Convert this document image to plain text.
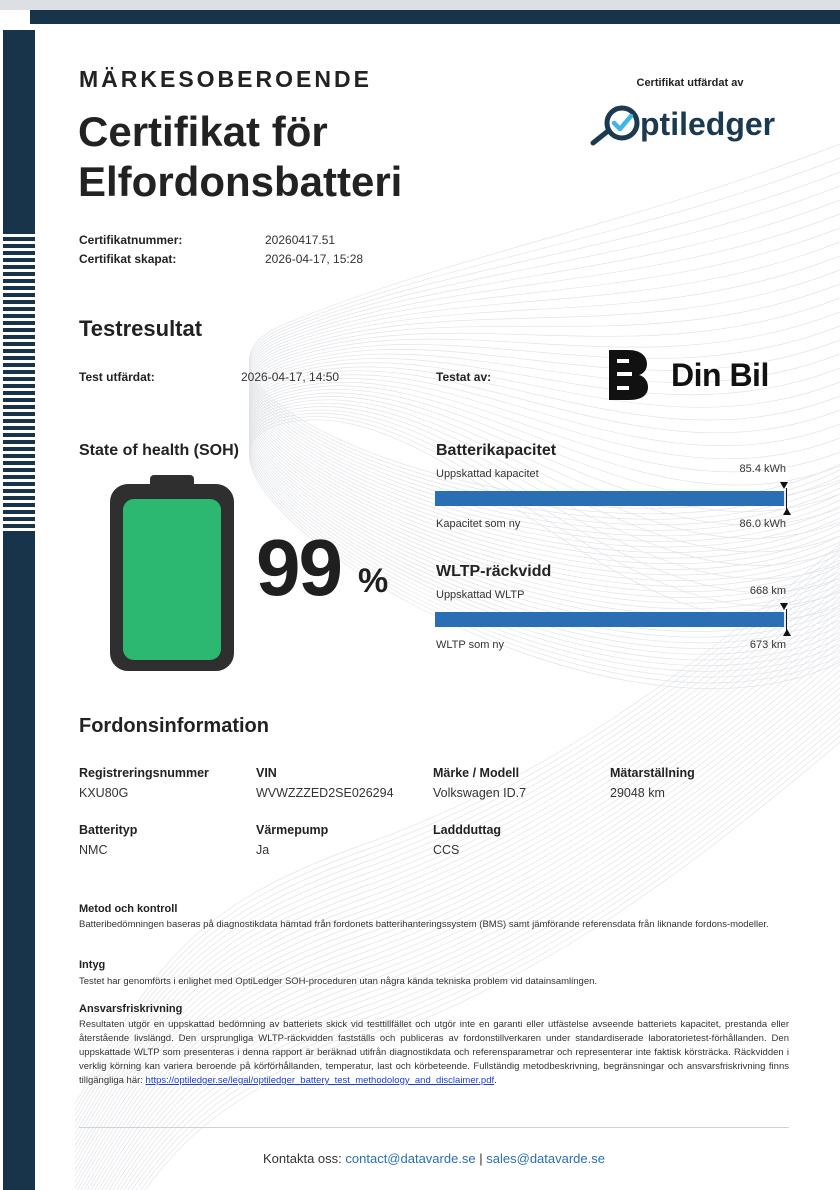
MÄRKESOBEROENDE
Certifikat för
Elfordonsbatteri
Certifikat utfärdat av
ptiledger
Certifikatnummer:	20260417.51
Certifikat skapat:	2026-04-17, 15:28
Testresultat
Test utfärdat:	2026-04-17, 14:50	Testat av:	Din Bil
State of health (SOH)
99 %
Batterikapacitet
Uppskattad kapacitet	85.4 kWh
Kapacitet som ny	86.0 kWh
WLTP-räckvidd
Uppskattad WLTP	668 km
WLTP som ny	673 km
Fordonsinformation
Registreringsnummer
KXU80G
VIN
WVWZZZED2SE026294
Märke / Modell
Volkswagen ID.7
Mätarställning
29048 km
Batterityp
NMC
Värmepump
Ja
Laddduttag
CCS
Metod och kontroll
Batteribedömningen baseras på diagnostikdata hämtad från fordonets batterihanteringssystem (BMS) samt jämförande referensdata från liknande fordons-modeller.
Intyg
Testet har genomförts i enlighet med OptiLedger SOH-proceduren utan några kända tekniska problem vid datainsamlingen.
Ansvarsfriskrivning
Resultaten utgör en uppskattad bedömning av batteriets skick vid testtillfället och utgör inte en garanti eller utfästelse avseende batteriets kapacitet, prestanda eller återstående livslängd. Den ursprungliga WLTP-räckvidden fastställs och publiceras av fordonstillverkaren under standardiserade laboratorietest-förhållanden. Den uppskattade WLTP som presenteras i denna rapport är beräknad utifrån diagnostikdata och referensparametrar och representerar inte faktisk körsträcka. Räckvidden i verklig körning kan variera beroende på körförhållanden, temperatur, last och körbeteende. Fullständig metodbeskrivning, begränsningar och ansvarsfriskrivning finns tillgängliga här: https://optiledger.se/legal/optiledger_battery_test_methodology_and_disclaimer.pdf.
Kontakta oss: contact@datavarde.se | sales@datavarde.se
